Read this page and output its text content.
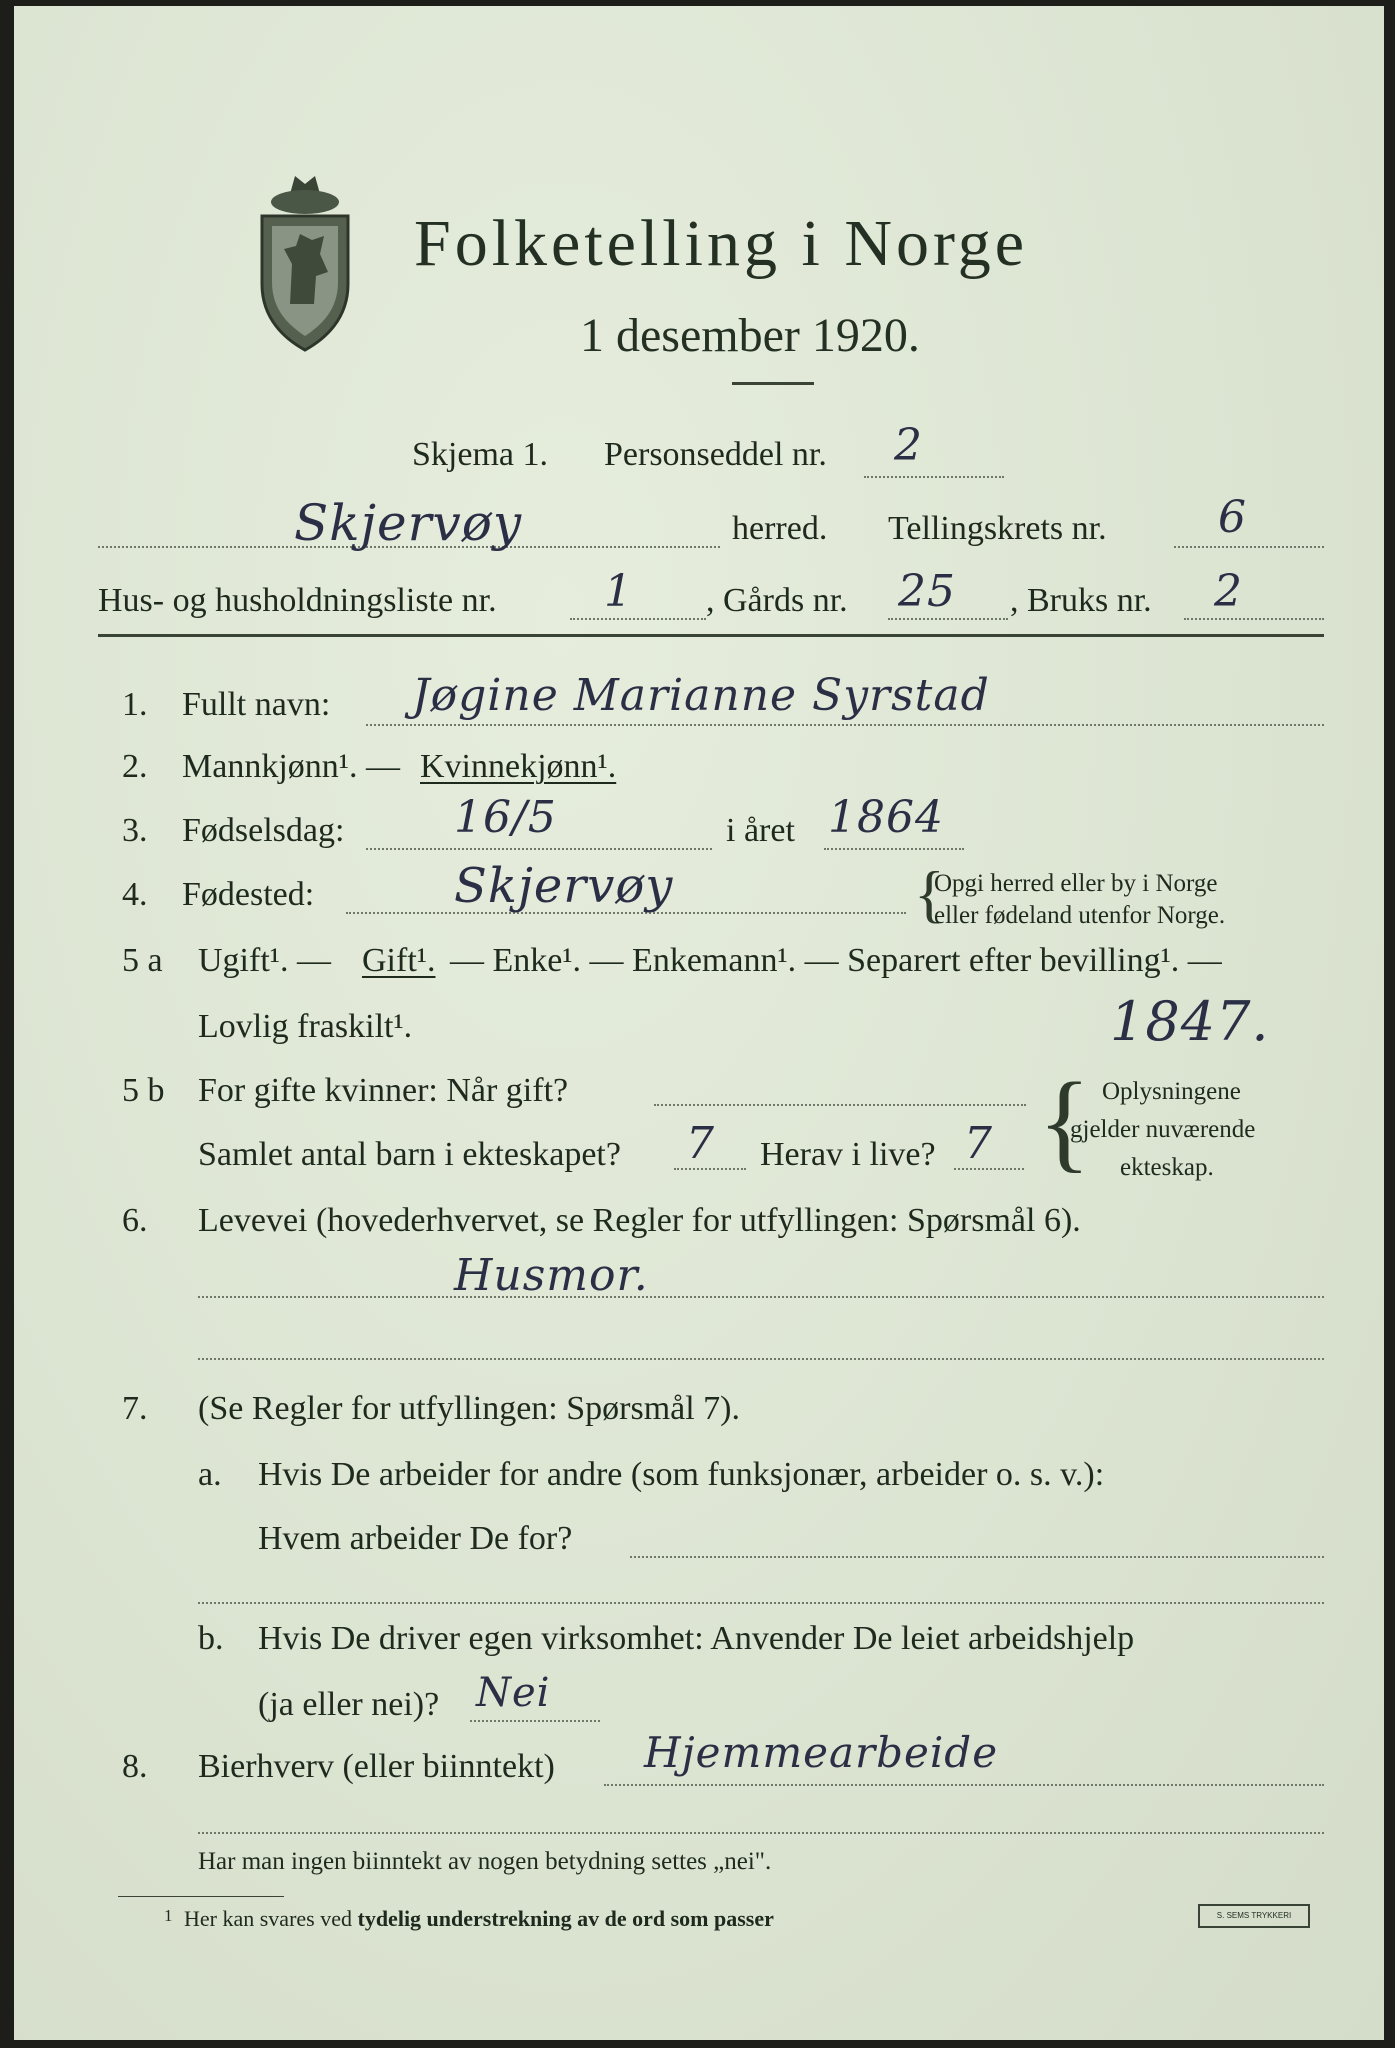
Folketelling i Norge
1 desember 1920.
Skjema 1. Personseddel nr. 2
Skjervøy	herred. Tellingskrets nr.	6
Hus- og husholdningsliste nr. 1 , Gårds nr. 25 , Bruks nr. 2
1. Fullt navn: Jøgine Marianne Syrstad
2. Mannkjønn¹. — Kvinnekjønn¹.
3. Fødselsdag: 16/5	i året 1864
4. Fødested:	Skjervøy	{
Opgi herred eller by i Norge
eller fødeland utenfor Norge.
5 a Ugift¹. — Gift¹. — Enke¹. — Enkemann¹. — Separert efter bevilling¹. —
Lovlig fraskilt¹.	1847.
5 b For gifte kvinner: Når gift?
Samlet antal barn i ekteskapet? 7 Herav i live? 7 { Oplysningene
gjelder nuværende
ekteskap.
6. Levevei (hovederhvervet, se Regler for utfyllingen: Spørsmål 6).
Husmor.
7. (Se Regler for utfyllingen: Spørsmål 7).
a. Hvis De arbeider for andre (som funksjonær, arbeider o. s. v.):
Hvem arbeider De for?
b. Hvis De driver egen virksomhet: Anvender De leiet arbeidshjelp
(ja eller nei)? Nei
8. Bierhverv (eller biinntekt) Hjemmearbeide
Har man ingen biinntekt av nogen betydning settes „nei".
1 Her kan svares ved tydelig understrekning av de ord som passer	S. SEMS TRYKKERI
